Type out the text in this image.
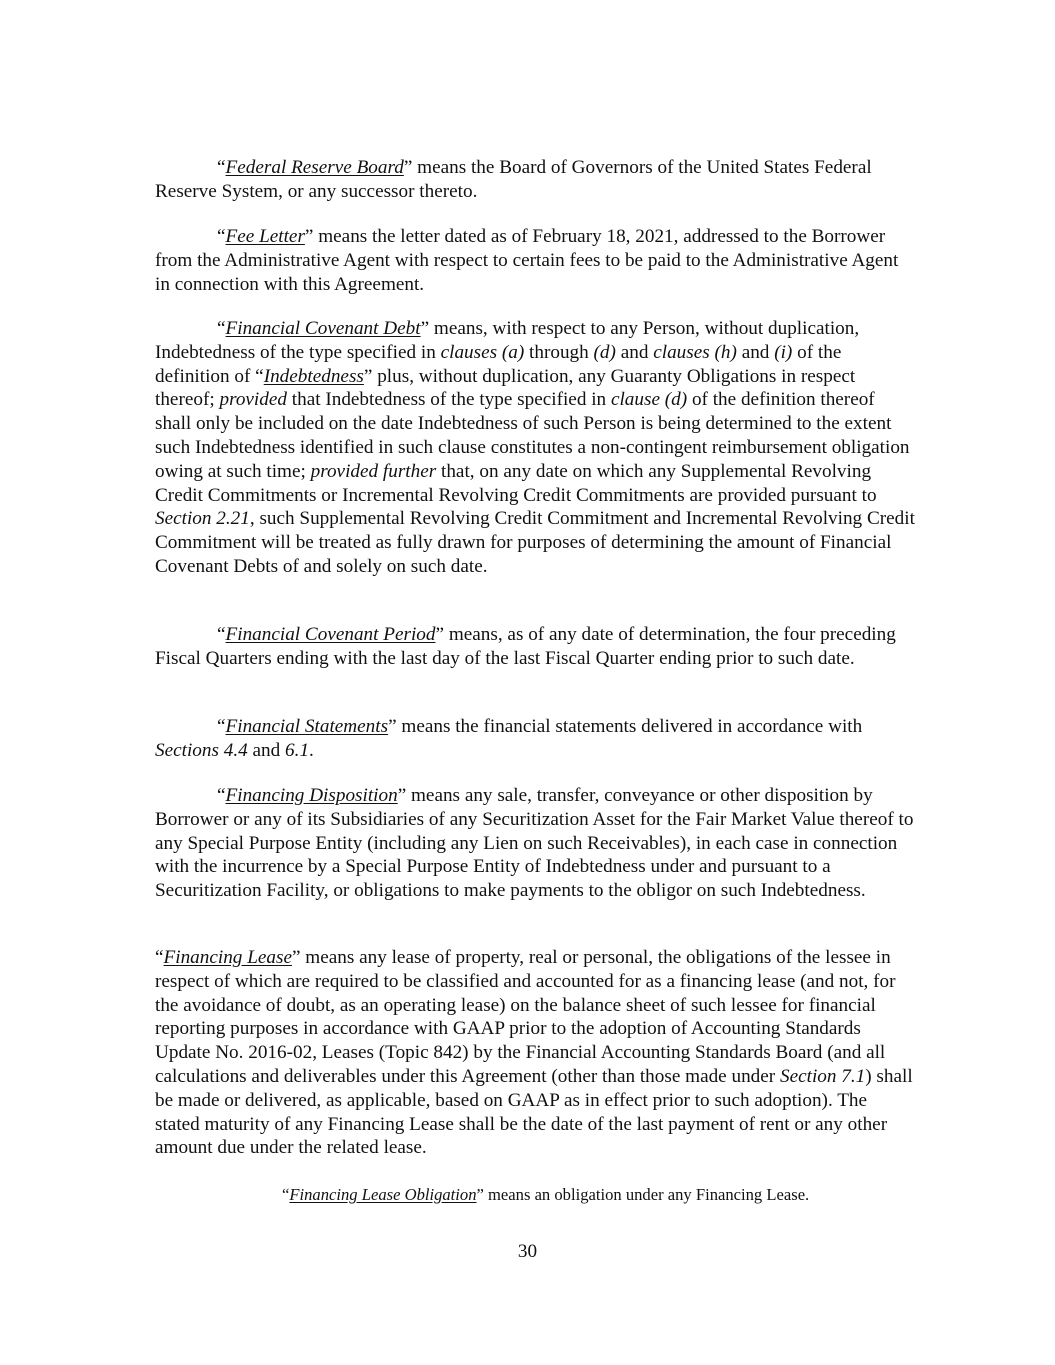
“Federal Reserve Board” means the Board of Governors of the United States Federal Reserve System, or any successor thereto.

“Fee Letter” means the letter dated as of February 18, 2021, addressed to the Borrower from the Administrative Agent with respect to certain fees to be paid to the Administrative Agent in connection with this Agreement.

“Financial Covenant Debt” means, with respect to any Person, without duplication, Indebtedness of the type specified in clauses (a) through (d) and clauses (h) and (i) of the definition of “Indebtedness” plus, without duplication, any Guaranty Obligations in respect thereof; provided that Indebtedness of the type specified in clause (d) of the definition thereof shall only be included on the date Indebtedness of such Person is being determined to the extent such Indebtedness identified in such clause constitutes a non-contingent reimbursement obligation owing at such time; provided further that, on any date on which any Supplemental Revolving Credit Commitments or Incremental Revolving Credit Commitments are provided pursuant to Section 2.21, such Supplemental Revolving Credit Commitment and Incremental Revolving Credit Commitment will be treated as fully drawn for purposes of determining the amount of Financial Covenant Debts of and solely on such date.

“Financial Covenant Period” means, as of any date of determination, the four preceding Fiscal Quarters ending with the last day of the last Fiscal Quarter ending prior to such date.

“Financial Statements” means the financial statements delivered in accordance with Sections 4.4 and 6.1.

“Financing Disposition” means any sale, transfer, conveyance or other disposition by Borrower or any of its Subsidiaries of any Securitization Asset for the Fair Market Value thereof to any Special Purpose Entity (including any Lien on such Receivables), in each case in connection with the incurrence by a Special Purpose Entity of Indebtedness under and pursuant to a Securitization Facility, or obligations to make payments to the obligor on such Indebtedness.

“Financing Lease” means any lease of property, real or personal, the obligations of the lessee in respect of which are required to be classified and accounted for as a financing lease (and not, for the avoidance of doubt, as an operating lease) on the balance sheet of such lessee for financial reporting purposes in accordance with GAAP prior to the adoption of Accounting Standards Update No. 2016-02, Leases (Topic 842) by the Financial Accounting Standards Board (and all calculations and deliverables under this Agreement (other than those made under Section 7.1) shall be made or delivered, as applicable, based on GAAP as in effect prior to such adoption). The stated maturity of any Financing Lease shall be the date of the last payment of rent or any other amount due under the related lease.

“Financing Lease Obligation” means an obligation under any Financing Lease.

30
